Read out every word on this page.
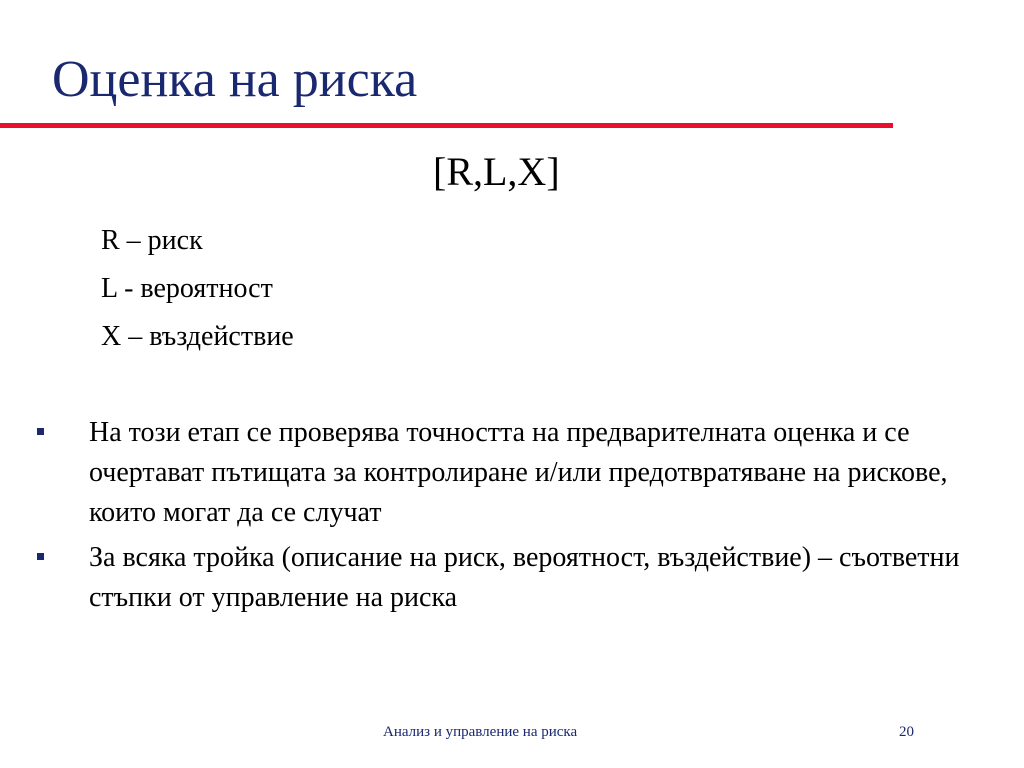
Оценка на риска
[R,L,X]
R – риск
L - вероятност
X – въздействие
На този етап се проверява точността на предварителната оценка и се очертават пътищата за контролиране и/или предотвратяване на рискове, които могат да се случат
За всяка тройка (описание на риск, вероятност, въздействие) – съответни стъпки от управление на риска
Анализ и управление на риска	20
